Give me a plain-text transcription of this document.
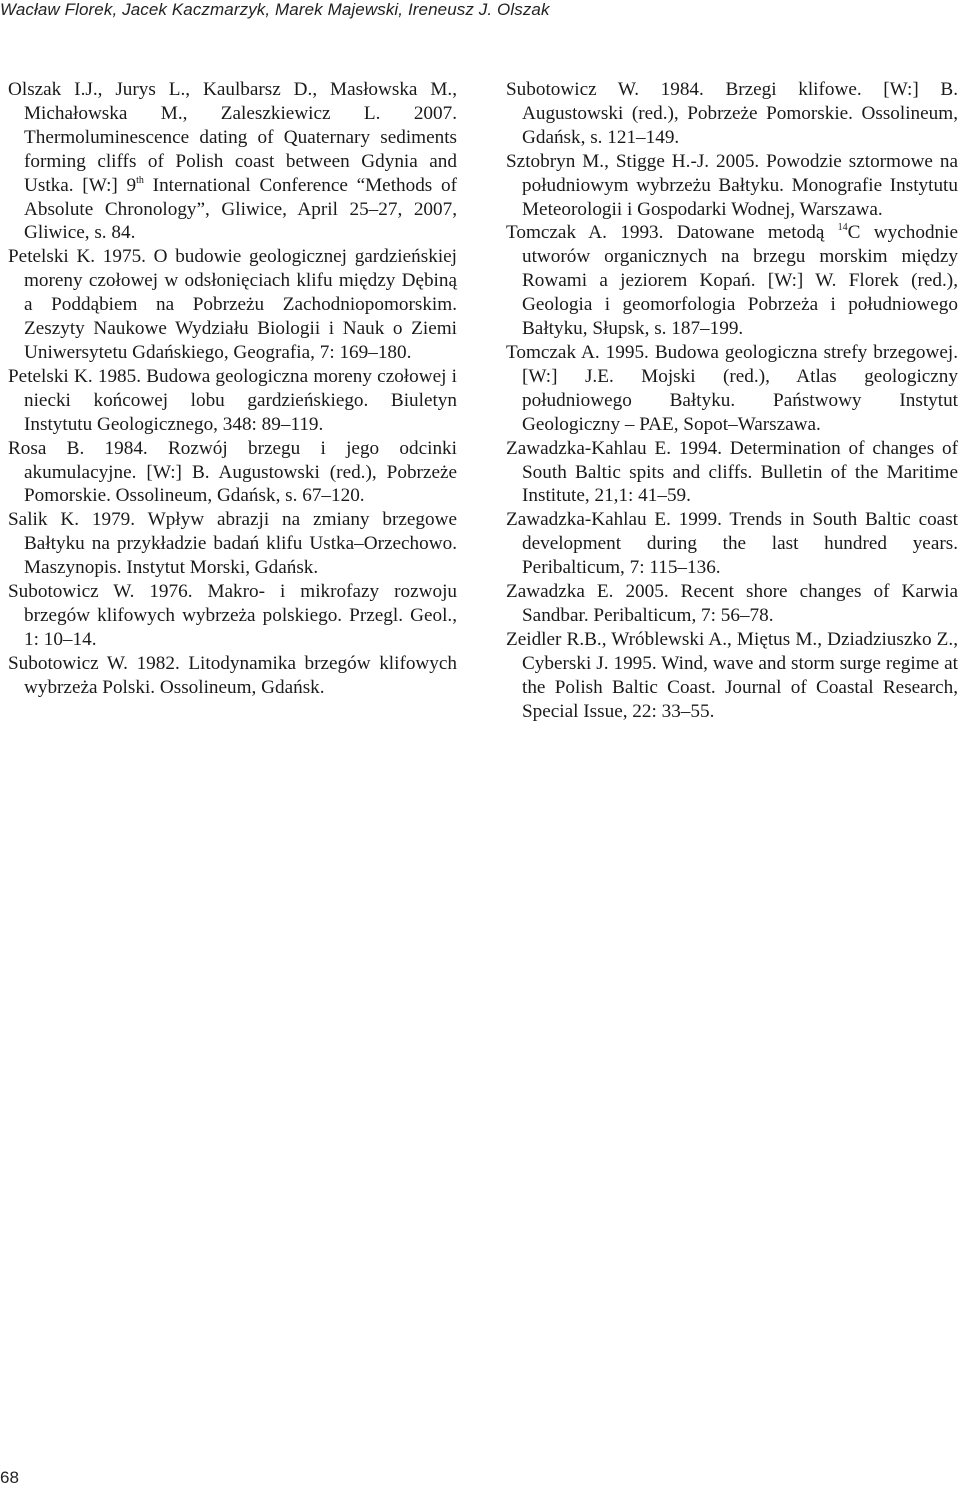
Wacław Florek, Jacek Kaczmarzyk, Marek Majewski, Ireneusz J. Olszak

Olszak I.J., Jurys L., Kaulbarsz D., Masłowska M., Michałowska M., Zaleszkiewicz L. 2007. Thermoluminescence dating of Quaternary sediments forming cliffs of Polish coast between Gdynia and Ustka. [W:] 9th International Conference “Methods of Absolute Chronology”, Gliwice, April 25–27, 2007, Gliwice, s. 84.

Petelski K. 1975. O budowie geologicznej gardzieńskiej moreny czołowej w odsłonięciach klifu między Dębiną a Poddąbiem na Pobrzeżu Zachodniopomorskim. Zeszyty Naukowe Wydziału Biologii i Nauk o Ziemi Uniwersytetu Gdańskiego, Geografia, 7: 169–180.

Petelski K. 1985. Budowa geologiczna moreny czołowej i niecki końcowej lobu gardzieńskiego. Biuletyn Instytutu Geologicznego, 348: 89–119.

Rosa B. 1984. Rozwój brzegu i jego odcinki akumulacyjne. [W:] B. Augustowski (red.), Pobrzeże Pomorskie. Ossolineum, Gdańsk, s. 67–120.

Salik K. 1979. Wpływ abrazji na zmiany brzegowe Bałtyku na przykładzie badań klifu Ustka–Orzechowo. Maszynopis. Instytut Morski, Gdańsk.

Subotowicz W. 1976. Makro- i mikrofazy rozwoju brzegów klifowych wybrzeża polskiego. Przegl. Geol., 1: 10–14.

Subotowicz W. 1982. Litodynamika brzegów klifowych wybrzeża Polski. Ossolineum, Gdańsk.

Subotowicz W. 1984. Brzegi klifowe. [W:] B. Augustowski (red.), Pobrzeże Pomorskie. Ossolineum, Gdańsk, s. 121–149.

Sztobryn M., Stigge H.-J. 2005. Powodzie sztormowe na południowym wybrzeżu Bałtyku. Monografie Instytutu Meteorologii i Gospodarki Wodnej, Warszawa.

Tomczak A. 1993. Datowane metodą $^{14}$C wychodnie utworów organicznych na brzegu morskim między Rowami a jeziorem Kopań. [W:] W. Florek (red.), Geologia i geomorfologia Pobrzeża i południowego Bałtyku, Słupsk, s. 187–199.

Tomczak A. 1995. Budowa geologiczna strefy brzegowej. [W:] J.E. Mojski (red.), Atlas geologiczny południowego Bałtyku. Państwowy Instytut Geologiczny – PAE, Sopot–Warszawa.

Zawadzka-Kahlau E. 1994. Determination of changes of South Baltic spits and cliffs. Bulletin of the Maritime Institute, 21,1: 41–59.

Zawadzka-Kahlau E. 1999. Trends in South Baltic coast development during the last hundred years. Peribalticum, 7: 115–136.

Zawadzka E. 2005. Recent shore changes of Karwia Sandbar. Peribalticum, 7: 56–78.

Zeidler R.B., Wróblewski A., Miętus M., Dziadziuszko Z., Cyberski J. 1995. Wind, wave and storm surge regime at the Polish Baltic Coast. Journal of Coastal Research, Special Issue, 22: 33–55.

68
